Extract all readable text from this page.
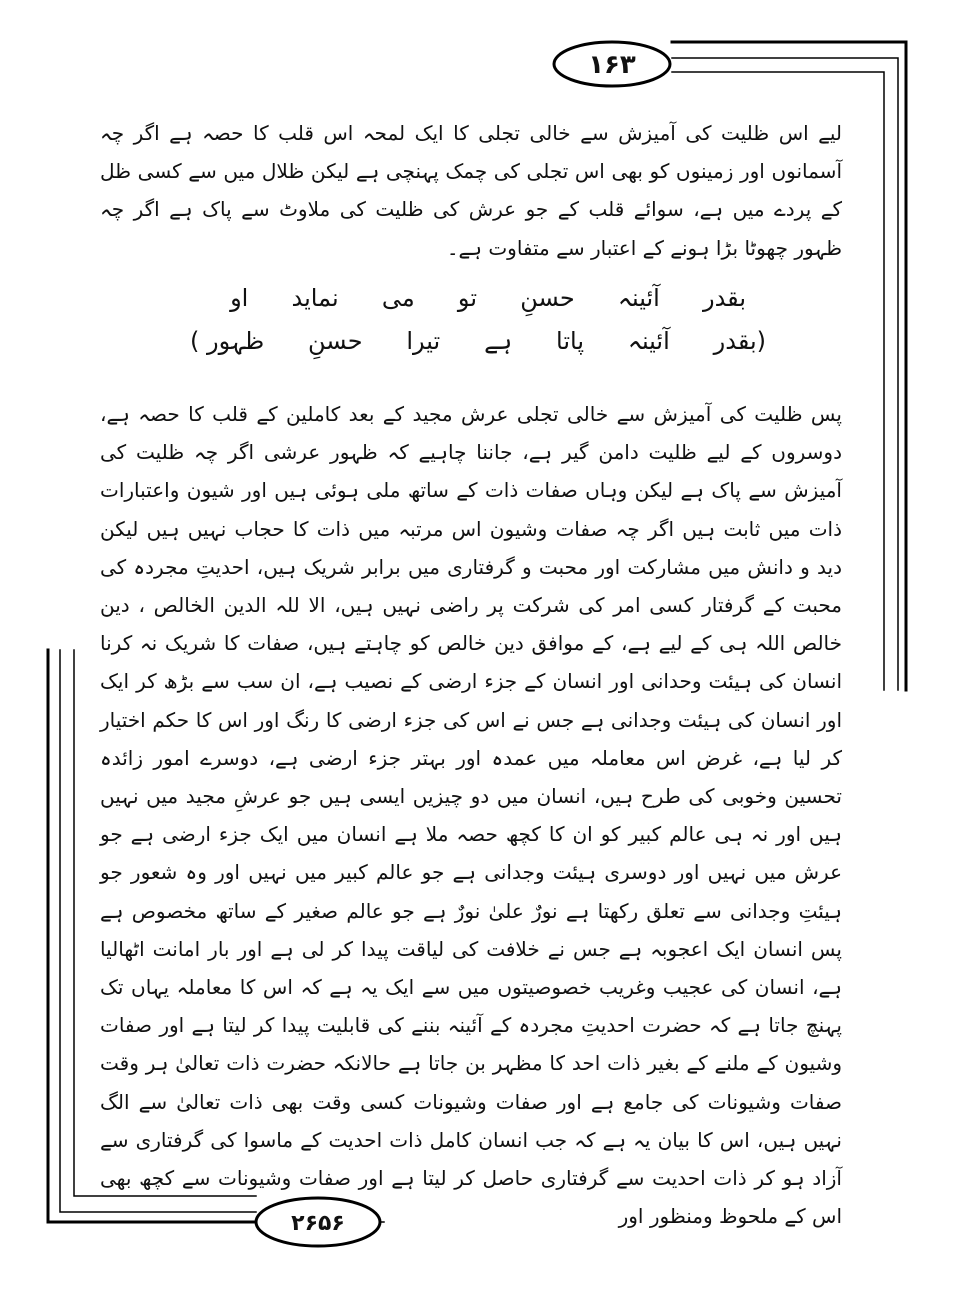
۱۶۳

لیے اس ظلیت کی آمیزش سے خالی تجلی کا ایک لمحہ اس قلب کا حصہ ہے اگر چہ آسمانوں اور زمینوں کو بھی اس تجلی کی چمک پہنچی ہے لیکن ظلال میں سے کسی ظل کے پردے میں ہے، سوائے قلب کے جو عرش کی ظلیت کی ملاوٹ سے پاک ہے اگر چہ ظہور چھوٹا بڑا ہونے کے اعتبار سے متفاوت ہے۔

بقدر
آئینہ
حسنِ
تو
می
نماید
او
(بقدر
آئینہ
پاتا
ہے
تیرا
حسنِ
ظہور )

پس ظلیت کی آمیزش سے خالی تجلی عرش مجید کے بعد کاملین کے قلب کا حصہ ہے، دوسروں کے لیے ظلیت دامن گیر ہے، جاننا چاہیے کہ ظہور عرشی اگر چہ ظلیت کی آمیزش سے پاک ہے لیکن وہاں صفات ذات کے ساتھ ملی ہوئی ہیں اور شیون واعتبارات ذات میں ثابت ہیں اگر چہ صفات وشیون اس مرتبہ میں ذات کا حجاب نہیں ہیں لیکن دید و دانش میں مشارکت اور محبت و گرفتاری میں برابر شریک ہیں، احدیتِ مجردہ کی محبت کے گرفتار کسی امر کی شرکت پر راضی نہیں ہیں، الا للہ الدین الخالص ، دین خالص اللہ ہی کے لیے ہے، کے موافق دین خالص کو چاہتے ہیں، صفات کا شریک نہ کرنا انسان کی ہیئت وحدانی اور انسان کے جزء ارضی کے نصیب ہے، ان سب سے بڑھ کر ایک اور انسان کی ہیئت وجدانی ہے جس نے اس کی جزء ارضی کا رنگ اور اس کا حکم اختیار کر لیا ہے، غرض اس معاملہ میں عمدہ اور بہتر جزء ارضی ہے، دوسرے امور زائدہ تحسین وخوبی کی طرح ہیں، انسان میں دو چیزیں ایسی ہیں جو عرشِ مجید میں نہیں ہیں اور نہ ہی عالم کبیر کو ان کا کچھ حصہ ملا ہے انسان میں ایک جزء ارضی ہے جو عرش میں نہیں اور دوسری ہیئت وجدانی ہے جو عالم کبیر میں نہیں اور وہ شعور جو ہیئتِ وجدانی سے تعلق رکھتا ہے نورٌ علیٰ نورٌ ہے جو عالم صغیر کے ساتھ مخصوص ہے پس انسان ایک اعجوبہ ہے جس نے خلافت کی لیاقت پیدا کر لی ہے اور بار امانت اٹھالیا ہے، انسان کی عجیب وغریب خصوصیتوں میں سے ایک یہ ہے کہ اس کا معاملہ یہاں تک پہنچ جاتا ہے کہ حضرت احدیتِ مجردہ کے آئینہ بننے کی قابلیت پیدا کر لیتا ہے اور صفات وشیون کے ملنے کے بغیر ذات احد کا مظہر بن جاتا ہے حالانکہ حضرت ذات تعالیٰ ہر وقت صفات وشیونات کی جامع ہے اور صفات وشیونات کسی وقت بھی ذات تعالیٰ سے الگ نہیں ہیں، اس کا بیان یہ ہے کہ جب انسان کامل ذات احدیت کے ماسوا کی گرفتاری سے آزاد ہو کر ذات احدیت سے گرفتاری حاصل کر لیتا ہے اور صفات وشیونات سے کچھ بھی اس کے ملحوظ ومنظور اور

۲۶۵۶
